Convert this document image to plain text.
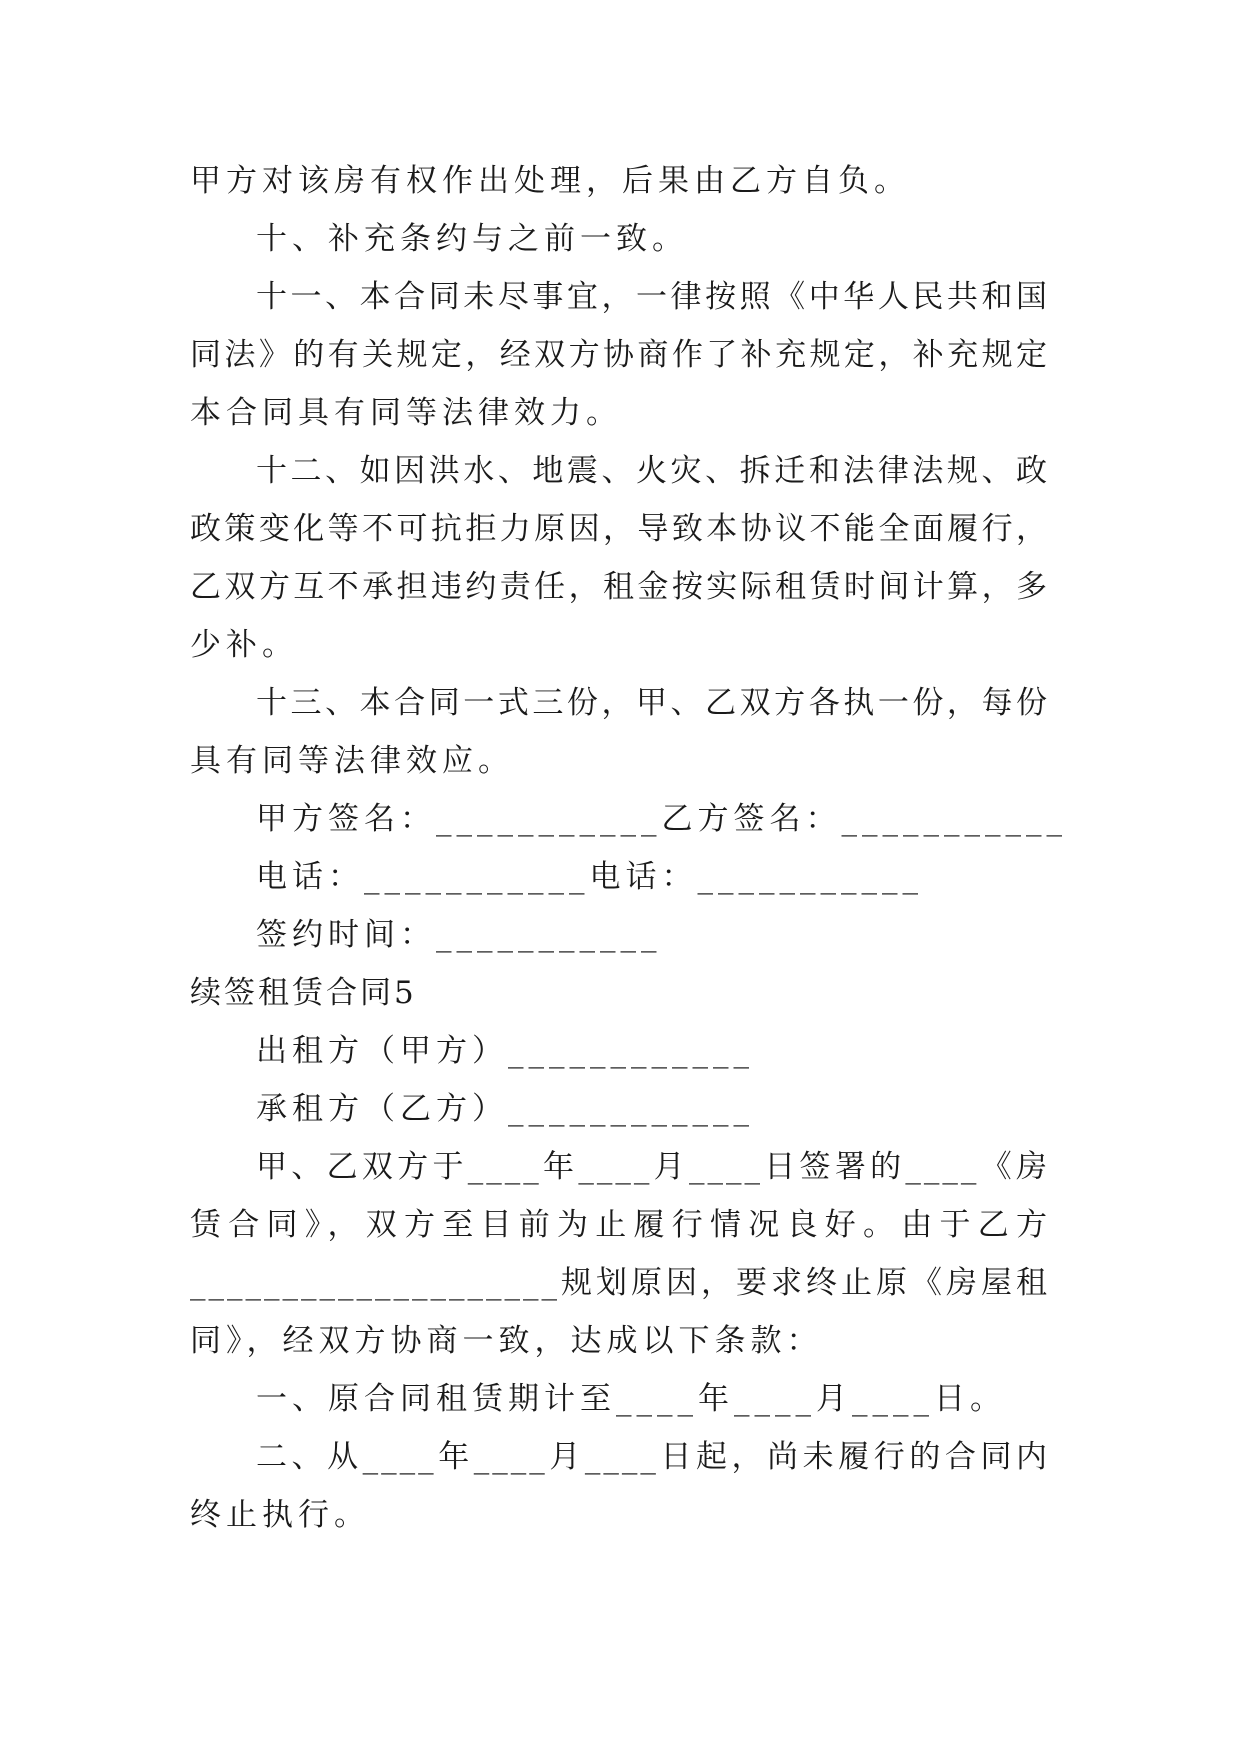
甲方对该房有权作出处理，后果由乙方自负。
十、补充条约与之前一致。
十一、本合同未尽事宜，一律按照《中华人民共和国
同法》的有关规定，经双方协商作了补充规定，补充规定
本合同具有同等法律效力。
十二、如因洪水、地震、火灾、拆迁和法律法规、政
政策变化等不可抗拒力原因，导致本协议不能全面履行，
乙双方互不承担违约责任，租金按实际租赁时间计算，多
少补。
十三、本合同一式三份，甲、乙双方各执一份，每份
具有同等法律效应。
甲方签名：___________乙方签名：___________
电话：___________电话：___________
签约时间：___________
续签租赁合同5
出租方（甲方）____________
承租方（乙方）____________
甲、乙双方于____年____月____日签署的____《房
赁合同》，双方至目前为止履行情况良好。由于乙方
____________________规划原因，要求终止原《房屋租
同》，经双方协商一致，达成以下条款：
一、原合同租赁期计至____年____月____日。
二、从____年____月____日起，尚未履行的合同内
终止执行。
